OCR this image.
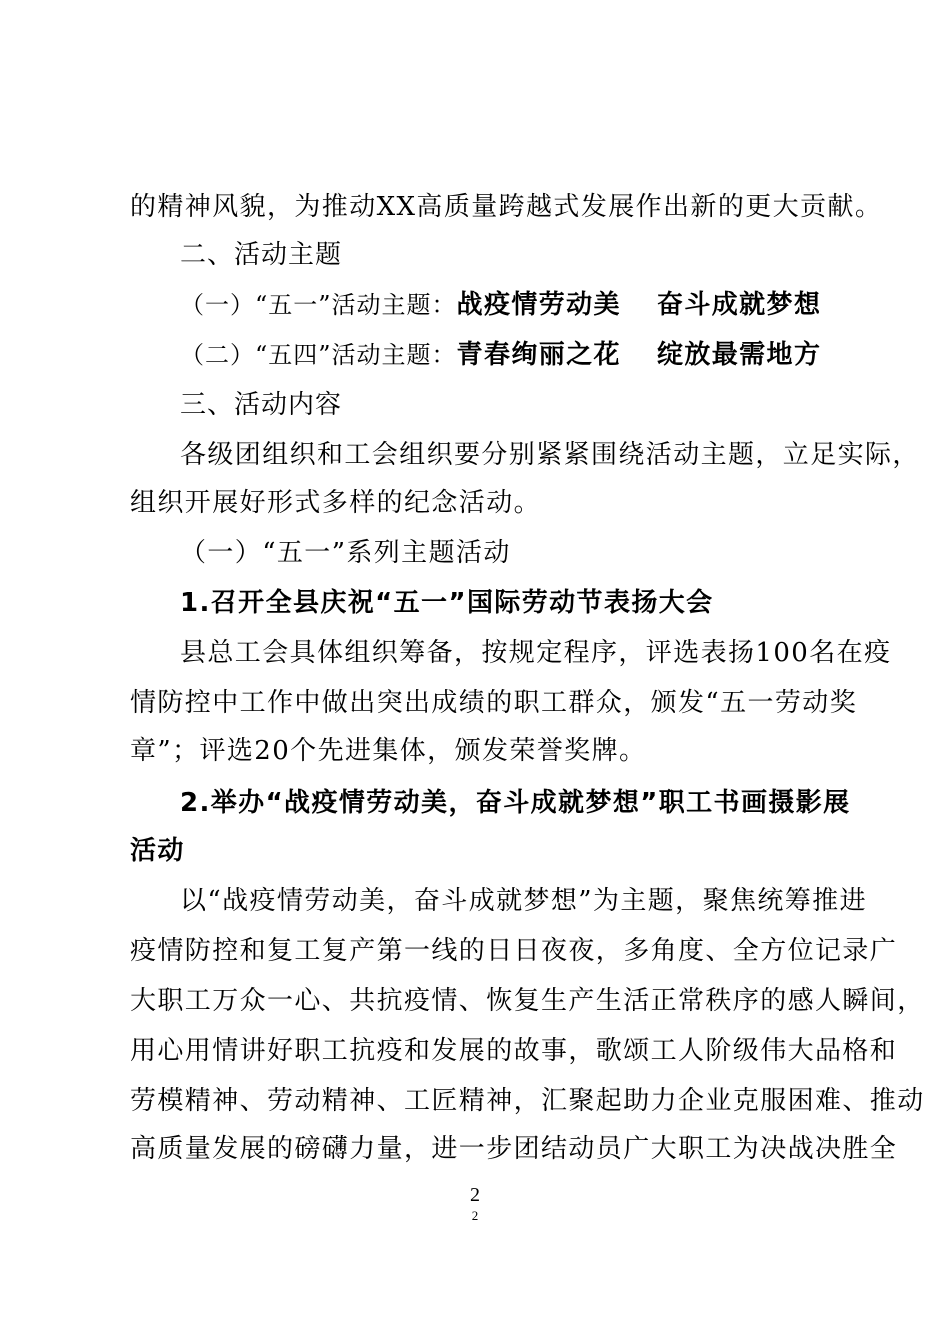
的精神风貌，为推动XX高质量跨越式发展作出新的更大贡献。
二、活动主题
（一）“五一”活动主题：战疫情劳动美 奋斗成就梦想
（二）“五四”活动主题：青春绚丽之花 绽放最需地方
三、活动内容
各级团组织和工会组织要分别紧紧围绕活动主题，立足实际，
组织开展好形式多样的纪念活动。
（一）“五一”系列主题活动
1.召开全县庆祝“五一”国际劳动节表扬大会
县总工会具体组织筹备，按规定程序，评选表扬100名在疫
情防控中工作中做出突出成绩的职工群众，颁发“五一劳动奖
章”；评选20个先进集体，颁发荣誉奖牌。
2.举办“战疫情劳动美，奋斗成就梦想”职工书画摄影展
活动
以“战疫情劳动美，奋斗成就梦想”为主题，聚焦统筹推进
疫情防控和复工复产第一线的日日夜夜，多角度、全方位记录广
大职工万众一心、共抗疫情、恢复生产生活正常秩序的感人瞬间，
用心用情讲好职工抗疫和发展的故事，歌颂工人阶级伟大品格和
劳模精神、劳动精神、工匠精神，汇聚起助力企业克服困难、推动
高质量发展的磅礴力量，进一步团结动员广大职工为决战决胜全
2
2
